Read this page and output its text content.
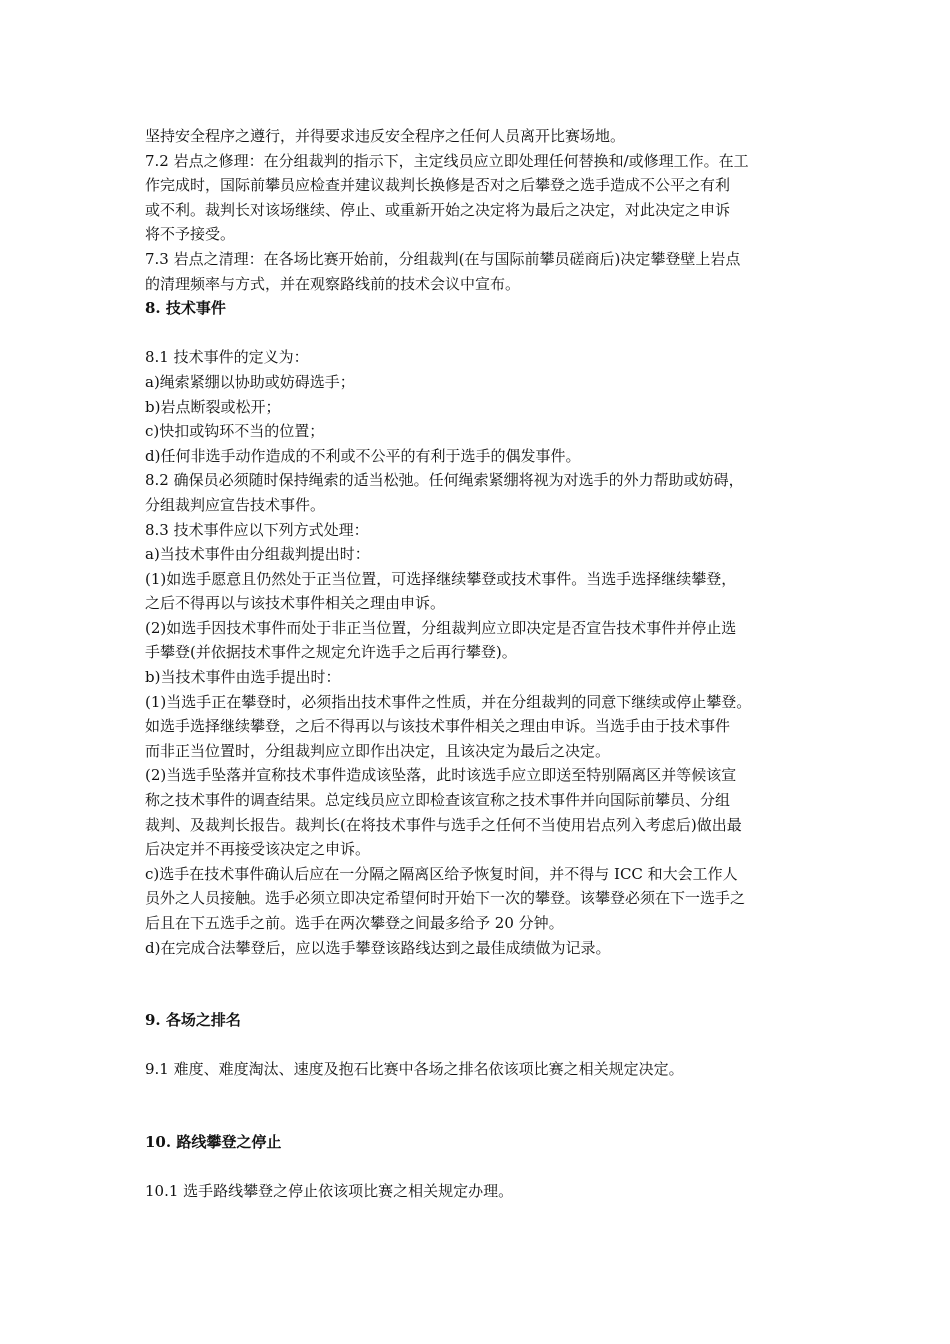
坚持安全程序之遵行，并得要求违反安全程序之任何人员离开比赛场地。
7.2 岩点之修理：在分组裁判的指示下，主定线员应立即处理任何替换和/或修理工作。在工
作完成时，国际前攀员应检查并建议裁判长换修是否对之后攀登之选手造成不公平之有利
或不利。裁判长对该场继续、停止、或重新开始之决定将为最后之决定，对此决定之申诉
将不予接受。
7.3 岩点之清理：在各场比赛开始前，分组裁判(在与国际前攀员磋商后)决定攀登壁上岩点
的清理频率与方式，并在观察路线前的技术会议中宣布。
8. 技术事件
8.1 技术事件的定义为：
a)绳索紧绷以协助或妨碍选手；
b)岩点断裂或松开；
c)快扣或钩环不当的位置；
d)任何非选手动作造成的不利或不公平的有利于选手的偶发事件。
8.2 确保员必须随时保持绳索的适当松弛。任何绳索紧绷将视为对选手的外力帮助或妨碍，
分组裁判应宣告技术事件。
8.3 技术事件应以下列方式处理：
a)当技术事件由分组裁判提出时：
(1)如选手愿意且仍然处于正当位置，可选择继续攀登或技术事件。当选手选择继续攀登，
之后不得再以与该技术事件相关之理由申诉。
(2)如选手因技术事件而处于非正当位置，分组裁判应立即决定是否宣告技术事件并停止选
手攀登(并依据技术事件之规定允许选手之后再行攀登)。
b)当技术事件由选手提出时：
(1)当选手正在攀登时，必须指出技术事件之性质，并在分组裁判的同意下继续或停止攀登。
如选手选择继续攀登，之后不得再以与该技术事件相关之理由申诉。当选手由于技术事件
而非正当位置时，分组裁判应立即作出决定，且该决定为最后之决定。
(2)当选手坠落并宣称技术事件造成该坠落，此时该选手应立即送至特别隔离区并等候该宣
称之技术事件的调查结果。总定线员应立即检查该宣称之技术事件并向国际前攀员、分组
裁判、及裁判长报告。裁判长(在将技术事件与选手之任何不当使用岩点列入考虑后)做出最
后决定并不再接受该决定之申诉。
c)选手在技术事件确认后应在一分隔之隔离区给予恢复时间，并不得与 ICC 和大会工作人
员外之人员接触。选手必须立即决定希望何时开始下一次的攀登。该攀登必须在下一选手之
后且在下五选手之前。选手在两次攀登之间最多给予 20 分钟。
d)在完成合法攀登后，应以选手攀登该路线达到之最佳成绩做为记录。
9. 各场之排名
9.1 难度、难度淘汰、速度及抱石比赛中各场之排名依该项比赛之相关规定决定。
10. 路线攀登之停止
10.1 选手路线攀登之停止依该项比赛之相关规定办理。
